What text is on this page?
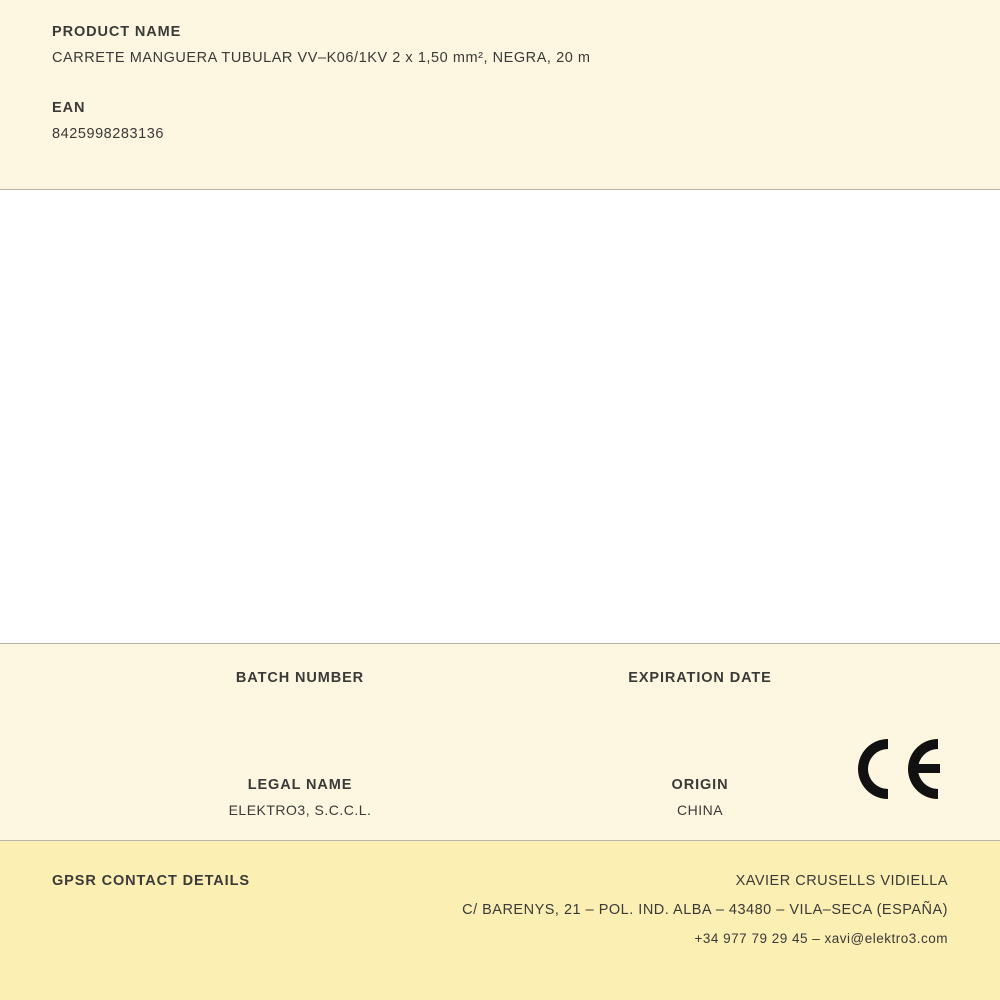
PRODUCT NAME

CARRETE MANGUERA TUBULAR VV–K06/1KV 2 x 1,50 mm², NEGRA, 20 m

EAN

8425998283136

BATCH NUMBER	EXPIRATION DATE

LEGAL NAME

ELEKTRO3, S.C.C.L.

ORIGIN

CHINA

GPSR CONTACT DETAILS	XAVIER CRUSELLS VIDIELLA

C/ BARENYS, 21 – POL. IND. ALBA – 43480 – VILA–SECA (ESPAÑA)

+34 977 79 29 45 – xavi@elektro3.com
